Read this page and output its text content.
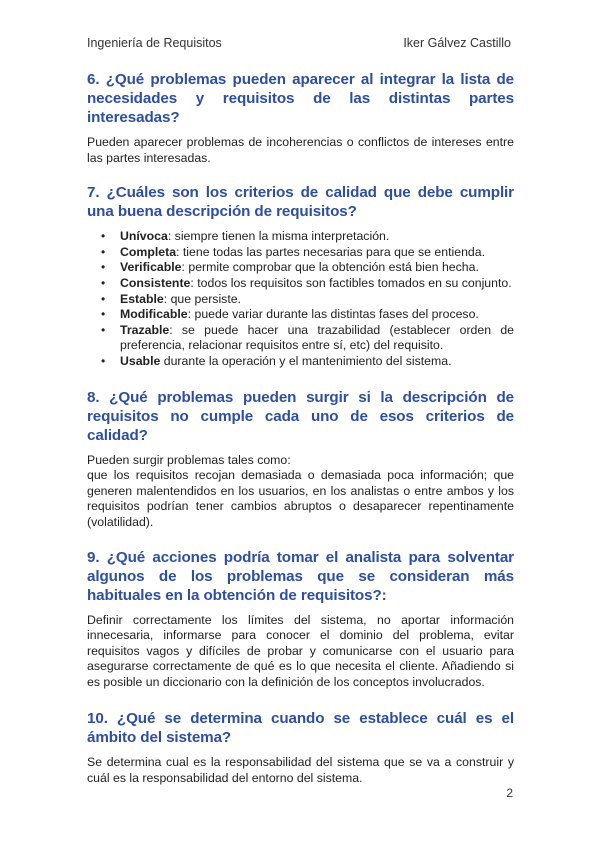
Ingeniería de Requisitos	Iker Gálvez Castillo
6. ¿Qué problemas pueden aparecer al integrar la lista de necesidades y requisitos de las distintas partes interesadas?

Pueden aparecer problemas de incoherencias o conflictos de intereses entre las partes interesadas.

7. ¿Cuáles son los criterios de calidad que debe cumplir una buena descripción de requisitos?
• Unívoca: siempre tienen la misma interpretación.
• Completa: tiene todas las partes necesarias para que se entienda.
• Verificable: permite comprobar que la obtención está bien hecha.
• Consistente: todos los requisitos son factibles tomados en su conjunto.
• Estable: que persiste.
• Modificable: puede variar durante las distintas fases del proceso.
• Trazable: se puede hacer una trazabilidad (establecer orden de preferencia, relacionar requisitos entre sí, etc) del requisito.
• Usable durante la operación y el mantenimiento del sistema.
8. ¿Qué problemas pueden surgir si la descripción de requisitos no cumple cada uno de esos criterios de calidad?

Pueden surgir problemas tales como:

que los requisitos recojan demasiada o demasiada poca información; que generen malentendidos en los usuarios, en los analistas o entre ambos y los requisitos podrían tener cambios abruptos o desaparecer repentinamente (volatilidad).

9. ¿Qué acciones podría tomar el analista para solventar algunos de los problemas que se consideran más habituales en la obtención de requisitos?:

Definir correctamente los límites del sistema, no aportar información innecesaria, informarse para conocer el dominio del problema, evitar requisitos vagos y difíciles de probar y comunicarse con el usuario para asegurarse correctamente de qué es lo que necesita el cliente. Añadiendo si es posible un diccionario con la definición de los conceptos involucrados.

10. ¿Qué se determina cuando se establece cuál es el ámbito del sistema?

Se determina cual es la responsabilidad del sistema que se va a construir y cuál es la responsabilidad del entorno del sistema.

2
